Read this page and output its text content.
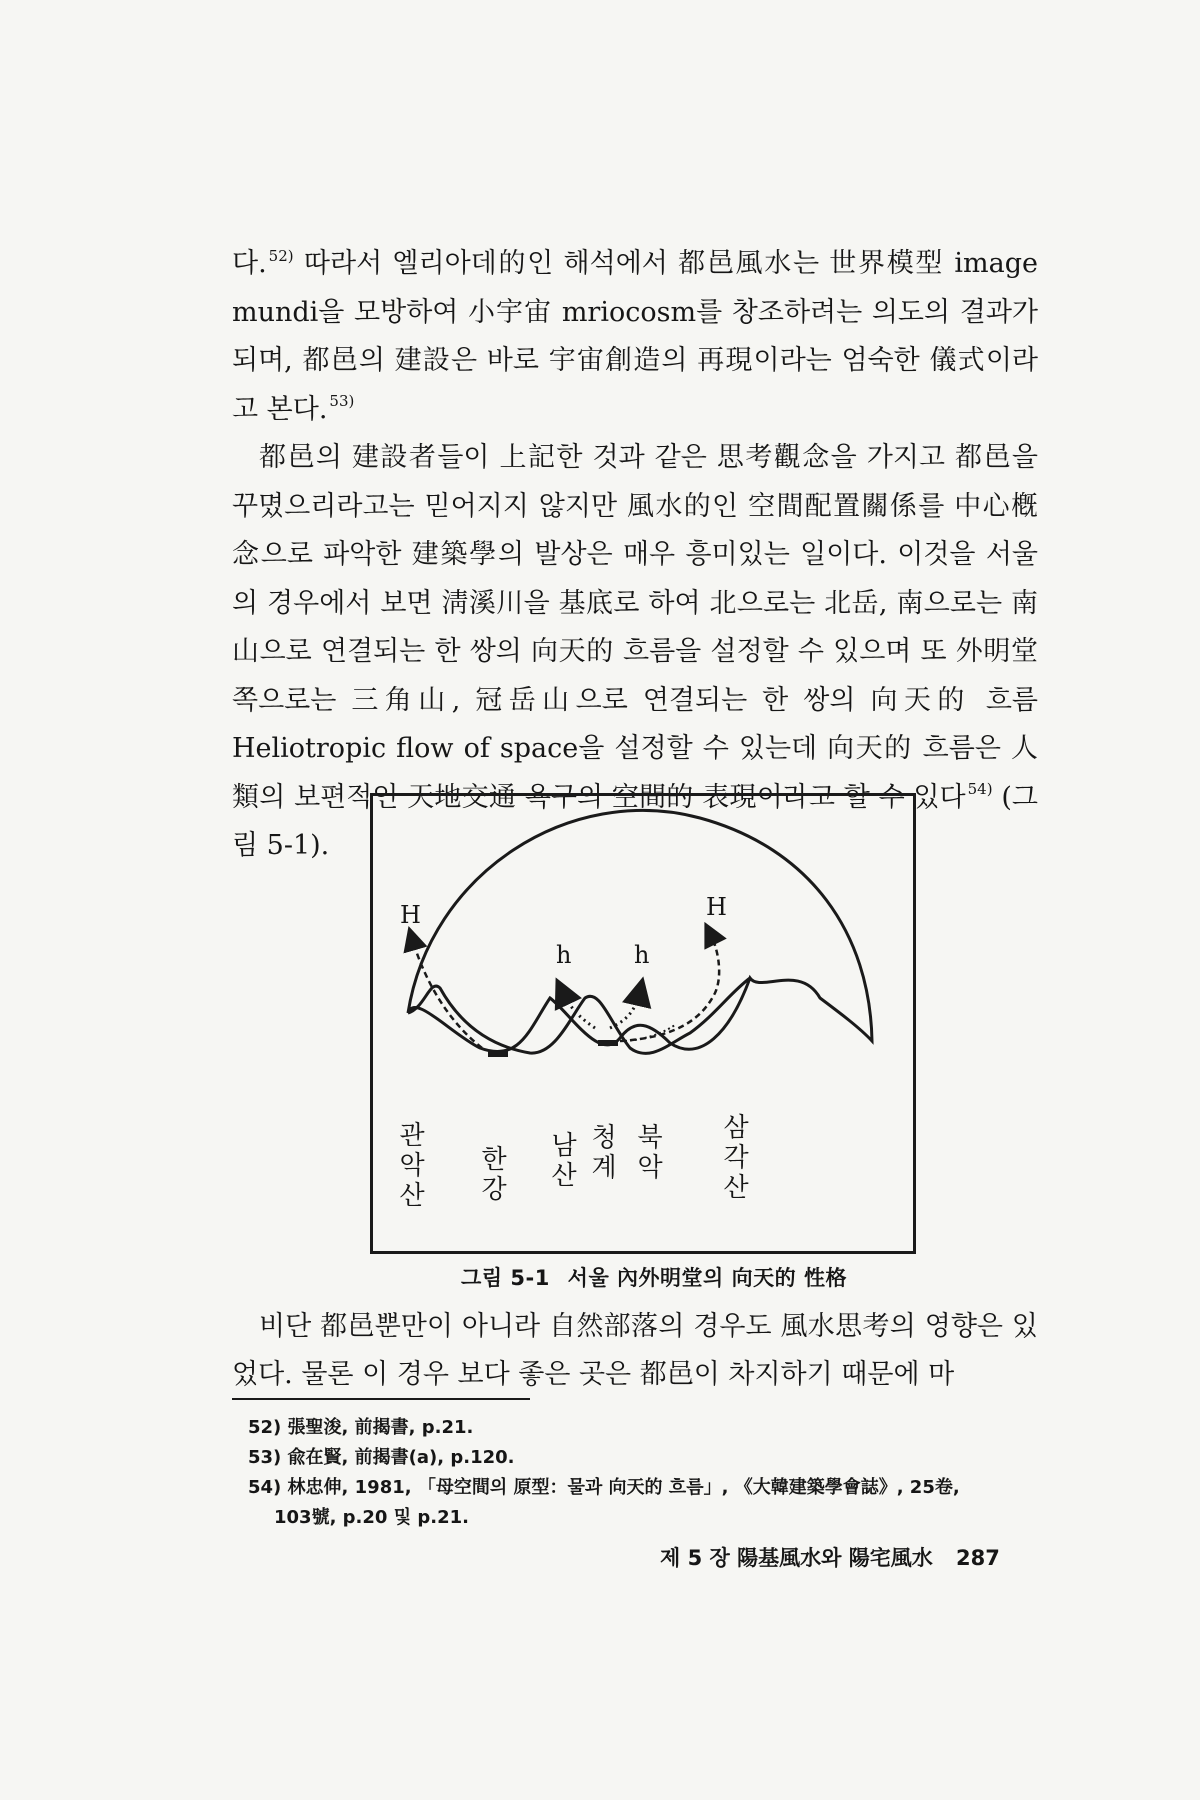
다. $^{52)}$ 따라서 엘리아데的인 해석에서 都邑風水는 世界模型 image mundi을 모방하여 小宇宙 mriocosm를 창조하려는 의도의 결과가 되며, 都邑의 建設은 바로 宇宙創造의 再現이라는 엄숙한 儀式이라고 본다. $^{53)}$

都邑의 建設者들이 上記한 것과 같은 思考觀念을 가지고 都邑을 꾸몄으리라고는 믿어지지 않지만 風水的인 空間配置關係를 中心槪念으로 파악한 建築學의 발상은 매우 흥미있는 일이다. 이것을 서울의 경우에서 보면 淸溪川을 基底로 하여 北으로는 北岳, 南으로는 南山으로 연결되는 한 쌍의 向天的 흐름을 설정할 수 있으며 또 外明堂쪽으로는 三角山, 冠岳山으로 연결되는 한 쌍의 向天的 흐름 Heliotropic flow of space을 설정할 수 있는데 向天的 흐름은 人類의 보편적인 天地交通 욕구의 空間的 表現이라고 할 수 있다 $^{54)}$ (그림 5-1).

H	H
h	h
관
악
산
한
강
남
산
청
계
북
악
삼
각
산
그림 5-1 서울 內外明堂의 向天的 性格

비단 都邑뿐만이 아니라 自然部落의 경우도 風水思考의 영향은 있었다. 물론 이 경우 보다 좋은 곳은 都邑이 차지하기 때문에 마

52) 張聖浚, 前揭書, p.21.

53) 兪在賢, 前揭書(a), p.120.

54) 林忠伸, 1981, 「母空間의 原型：물과 向天的 흐름」, 《大韓建築學會誌》, 25卷,

103號, p.20 및 p.21.

제 5 장 陽基風水와 陽宅風水 287
